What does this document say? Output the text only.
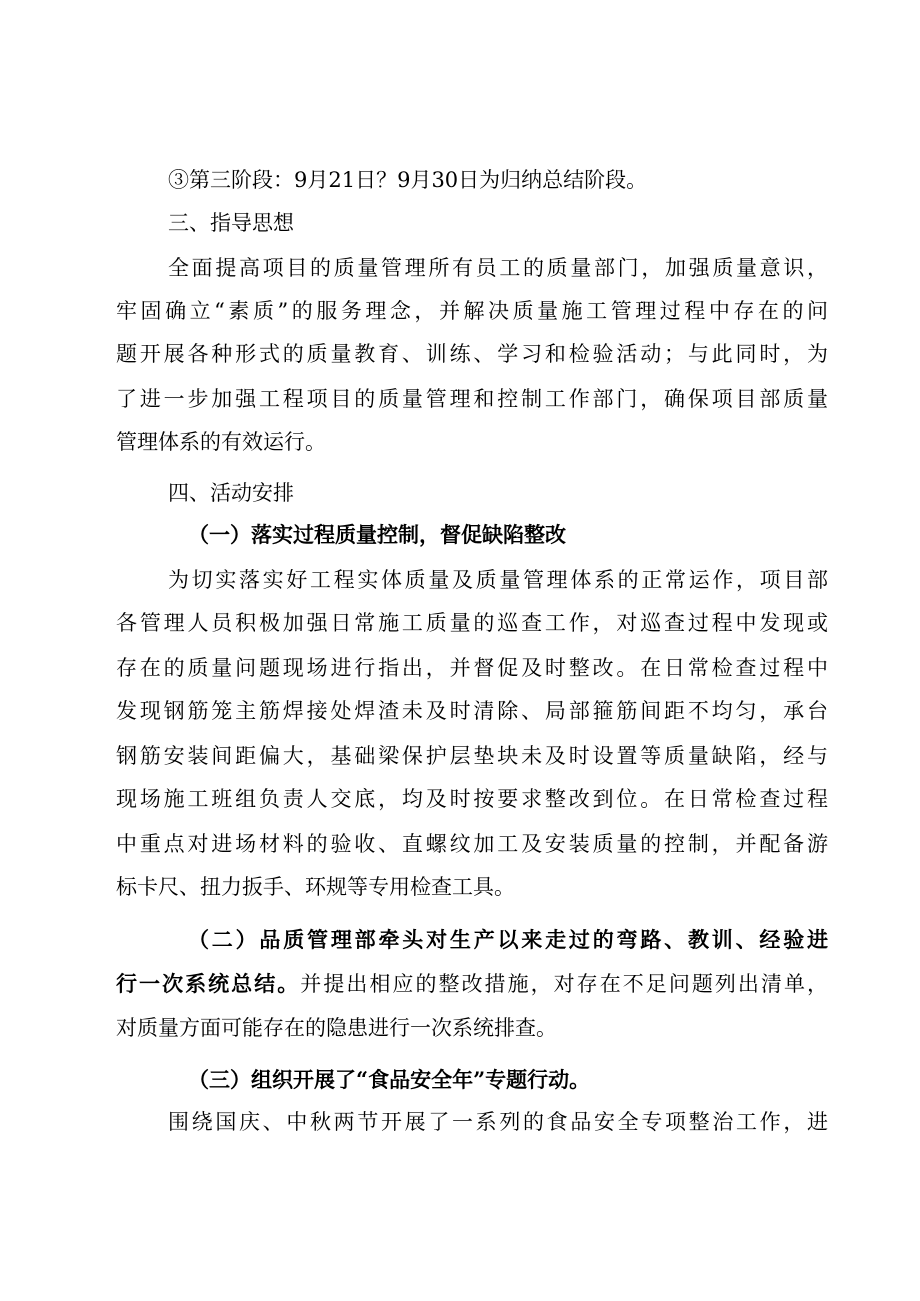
③第三阶段：9月21日？9月30日为归纳总结阶段。
三、指导思想
全面提高项目的质量管理所有员工的质量部门，加强质量意识，
牢固确立“素质”的服务理念，并解决质量施工管理过程中存在的问
题开展各种形式的质量教育、训练、学习和检验活动；与此同时，为
了进一步加强工程项目的质量管理和控制工作部门，确保项目部质量
管理体系的有效运行。
四、活动安排
（一）落实过程质量控制，督促缺陷整改
为切实落实好工程实体质量及质量管理体系的正常运作，项目部
各管理人员积极加强日常施工质量的巡查工作，对巡查过程中发现或
存在的质量问题现场进行指出，并督促及时整改。在日常检查过程中
发现钢筋笼主筋焊接处焊渣未及时清除、局部箍筋间距不均匀，承台
钢筋安装间距偏大，基础梁保护层垫块未及时设置等质量缺陷，经与
现场施工班组负责人交底，均及时按要求整改到位。在日常检查过程
中重点对进场材料的验收、直螺纹加工及安装质量的控制，并配备游
标卡尺、扭力扳手、环规等专用检查工具。
（二）品质管理部牵头对生产以来走过的弯路、教训、经验进
行一次系统总结。并提出相应的整改措施，对存在不足问题列出清单，
对质量方面可能存在的隐患进行一次系统排查。
（三）组织开展了“食品安全年”专题行动。
围绕国庆、中秋两节开展了一系列的食品安全专项整治工作，进
